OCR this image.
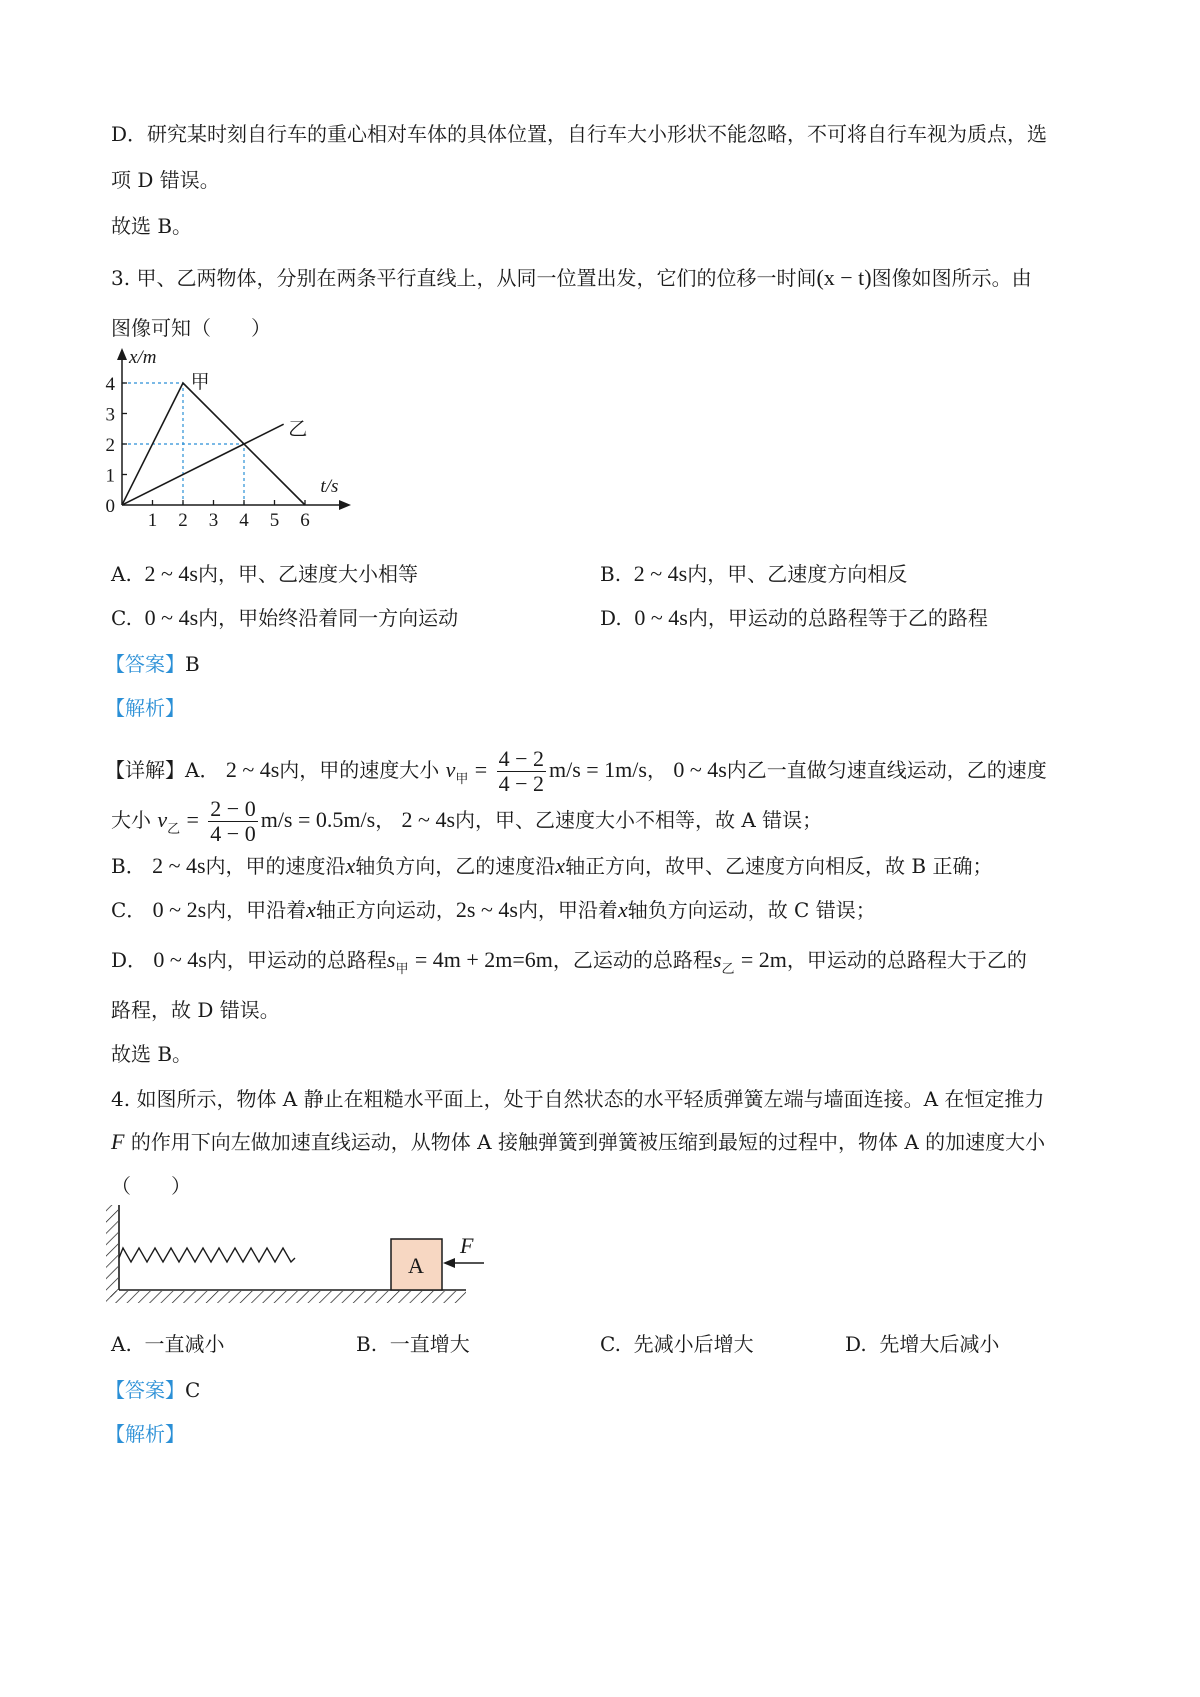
D．研究某时刻自行车的重心相对车体的具体位置，自行车大小形状不能忽略，不可将自行车视为质点，选
项 D 错误。
故选 B。
3. 甲、乙两物体，分别在两条平行直线上，从同一位置出发，它们的位移一时间(x − t)图像如图所示。由
图像可知（　　）
1 2 3 4 5 6
1
2
3
4
0
x/m
t/s
甲
乙
A. 2 ~ 4s内，甲、乙速度大小相等	B. 2 ~ 4s内，甲、乙速度方向相反
C. 0 ~ 4s内，甲始终沿着同一方向运动	D. 0 ~ 4s内，甲运动的总路程等于乙的路程
【答案】B
【解析】
【详解】A． 2 ~ 4s内，甲的速度大小 $v_甲 = \frac{4 - 2}{4 - 2} m/s = 1m/s$， 0 ~ 4s内乙一直做匀速直线运动，乙的速度
大小 $v_乙 = \frac{2 - 0}{4 - 0} m/s = 0.5m/s$， 2 ~ 4s内，甲、乙速度大小不相等，故 A 错误；
B． 2 ~ 4s内，甲的速度沿x轴负方向，乙的速度沿x轴正方向，故甲、乙速度方向相反，故 B 正确；
C． 0 ~ 2s内，甲沿着x轴正方向运动，2s ~ 4s内，甲沿着x轴负方向运动，故 C 错误；
D． 0 ~ 4s内，甲运动的总路程$s_甲 = 4m + 2m=6m$，乙运动的总路程$s_乙 = 2m$，甲运动的总路程大于乙的
路程，故 D 错误。
故选 B。
4. 如图所示，物体 A 静止在粗糙水平面上，处于自然状态的水平轻质弹簧左端与墙面连接。A 在恒定推力
F 的作用下向左做加速直线运动，从物体 A 接触弹簧到弹簧被压缩到最短的过程中，物体 A 的加速度大小
（　　）
A
F
A. 一直减小	B. 一直增大	C. 先减小后增大	D. 先增大后减小
【答案】C
【解析】
